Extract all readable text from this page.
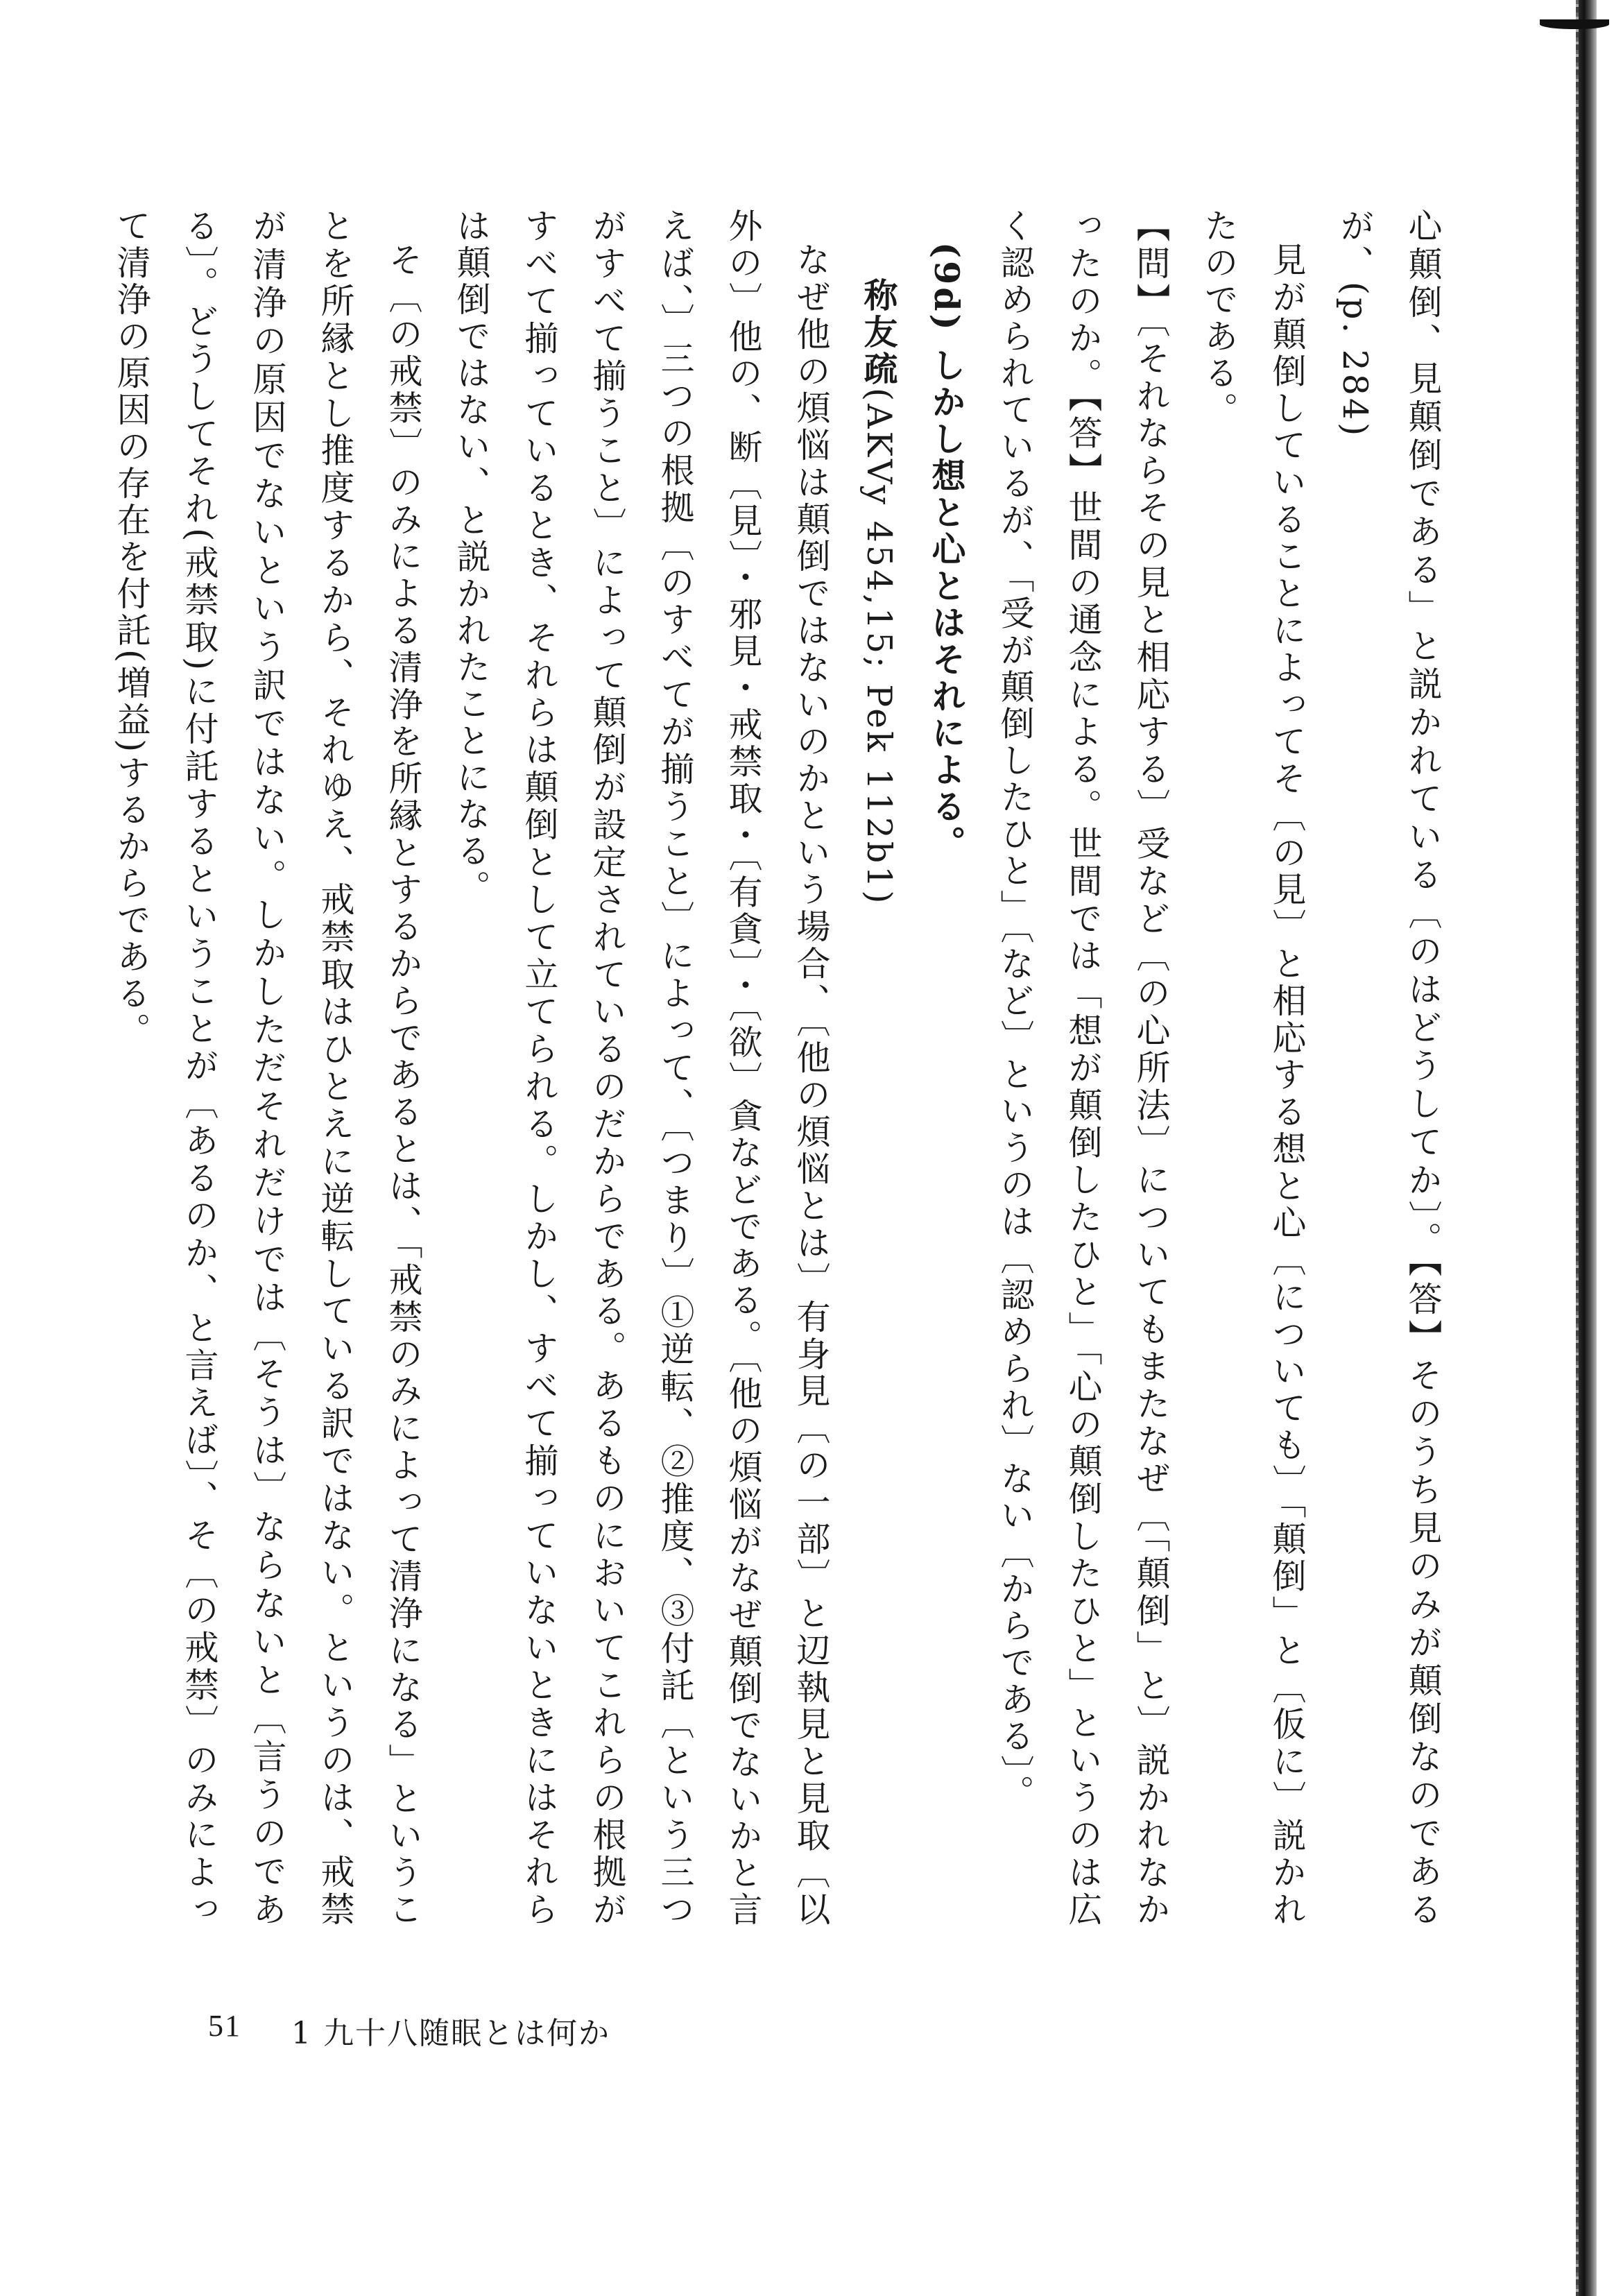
心顛倒、見顛倒である」と説かれている〔のはどうしてか〕。【答】そのうち見のみが顛倒なのであるが、(p. 284)

見が顛倒していることによってそ〔の見〕と相応する想と心〔についても〕「顛倒」と〔仮に〕説かれたのである。

【問】〔それならその見と相応する〕受など〔の心所法〕についてもまたなぜ〔「顛倒」と〕説かれなかったのか。【答】世間の通念による。世間では「想が顛倒したひと」「心の顛倒したひと」というのは広く認められているが、「受が顛倒したひと」〔など〕というのは〔認められ〕ない〔からである〕。

(9d) しかし想と心とはそれによる。

称友疏(AKVy 454,15; Pek 112b1)

なぜ他の煩悩は顛倒ではないのかという場合、〔他の煩悩とは〕有身見〔の一部〕と辺執見と見取〔以外の〕他の、断〔見〕・邪見・戒禁取・〔有貪〕・〔欲〕貪などである。〔他の煩悩がなぜ顛倒でないかと言えば、〕三つの根拠〔のすべてが揃うこと〕によって、〔つまり〕①逆転、②推度、③付託〔という三つがすべて揃うこと〕によって顛倒が設定されているのだからである。あるものにおいてこれらの根拠がすべて揃っているとき、それらは顛倒として立てられる。しかし、すべて揃っていないときにはそれらは顛倒ではない、と説かれたことになる。

そ〔の戒禁〕のみによる清浄を所縁とするからであるとは、「戒禁のみによって清浄になる」ということを所縁とし推度するから、それゆえ、戒禁取はひとえに逆転している訳ではない。というのは、戒禁が清浄の原因でないという訳ではない。しかしただそれだけでは〔そうは〕ならないと〔言うのである〕。どうしてそれ(戒禁取)に付託するということが〔あるのか、と言えば〕、そ〔の戒禁〕のみによって清浄の原因の存在を付託(増益)するからである。

51 1 九十八随眠とは何か
